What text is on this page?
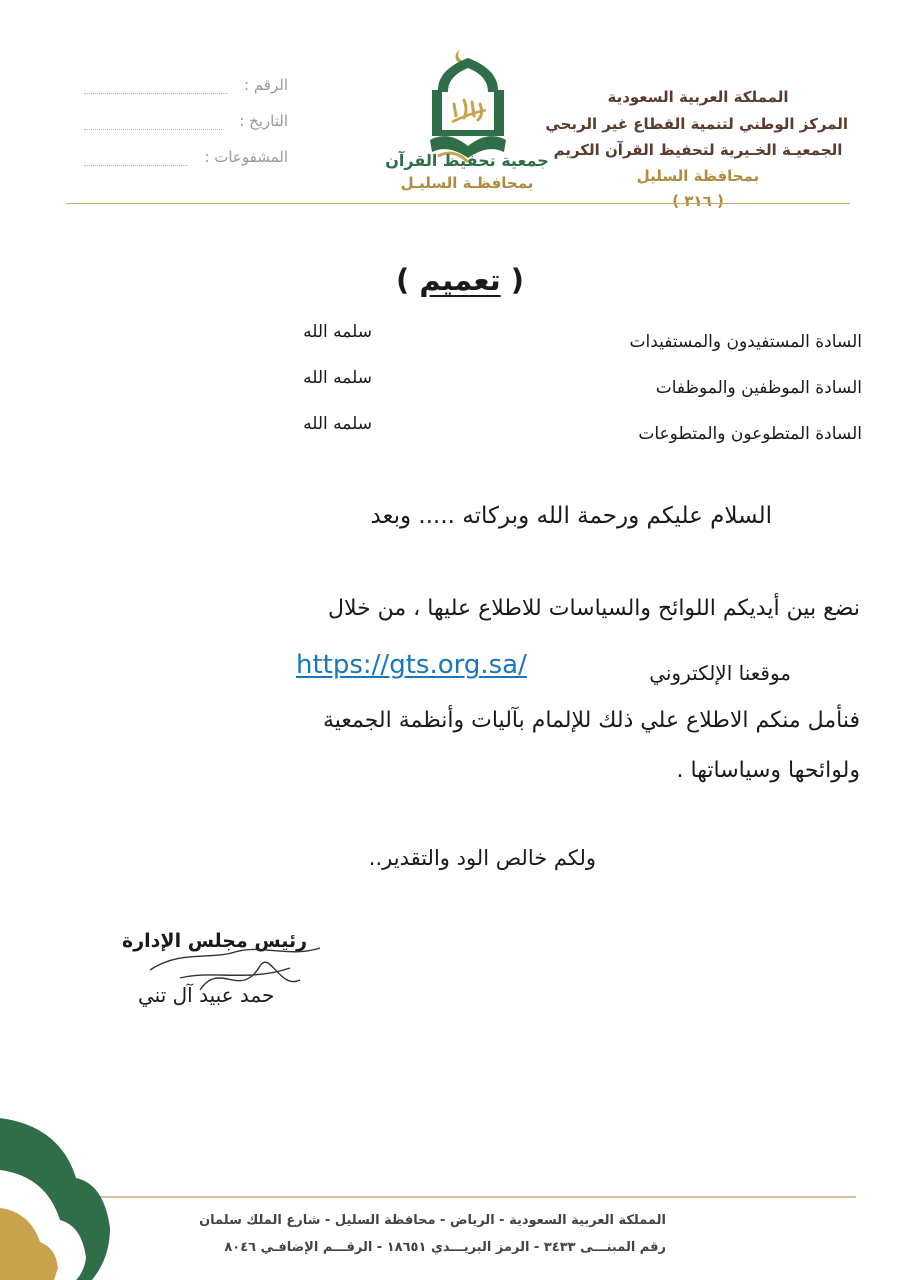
المملكة العربية السعودية
المركز الوطني لتنمية القطاع غير الربحي
الجمعيـة الخـيرية لتحفيظ القرآن الكريم
بمحافظة السليل
( ٣١٦ )
جمعية تحفيظ القرآن
بمحافظـة السليـل
الرقم :
التاريخ :
المشفوعات :
( تعميم )
السادة المستفيدون والمستفيدات
سلمه الله
السادة الموظفين والموظفات
سلمه الله
السادة المتطوعون والمتطوعات
سلمه الله
السلام عليكم ورحمة الله وبركاته ..... وبعد
نضع بين أيديكم اللوائح والسياسات للاطلاع عليها ، من خلال
موقعنا الإلكتروني
https://gts.org.sa/
فنأمل منكم الاطلاع علي ذلك للإلمام بآليات وأنظمة الجمعية
ولوائحها وسياساتها .
ولكم خالص الود والتقدير..
رئيس مجلس الإدارة
حمد عبيد آل تني
المملكة العربية السعودية - الرياض - محافظة السليل - شارع الملك سلمان
رقم المبنـــى ٣٤٣٣ - الرمز البريـــدي ١٨٦٥١ - الرقـــم الإضافـي ٨٠٤٦
